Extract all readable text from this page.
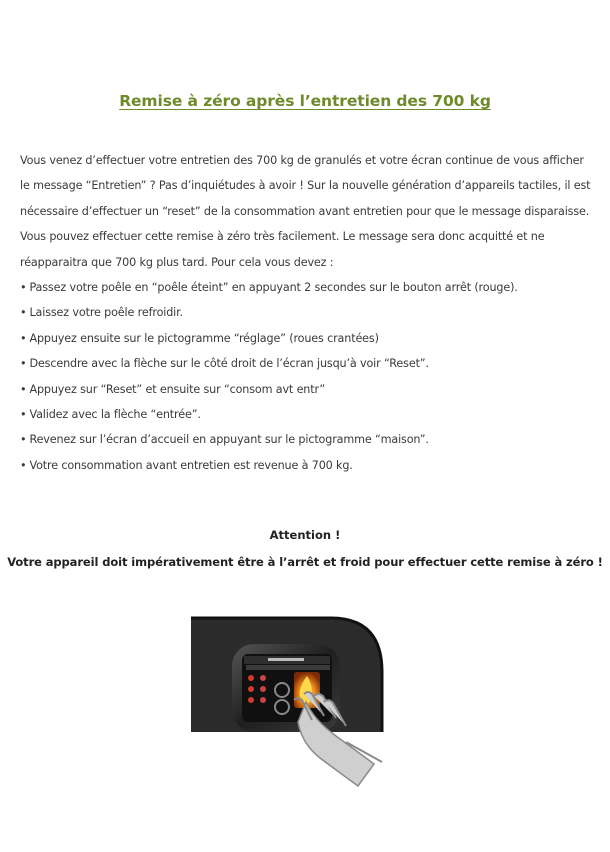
Remise à zéro après l’entretien des 700 kg

Vous venez d’effectuer votre entretien des 700 kg de granulés et votre écran continue de vous afficher le message “Entretien” ? Pas d’inquiétudes à avoir ! Sur la nouvelle génération d’appareils tactiles, il est nécessaire d’effectuer un “reset” de la consommation avant entretien pour que le message disparaisse.

Vous pouvez effectuer cette remise à zéro très facilement. Le message sera donc acquitté et ne réapparaitra que 700 kg plus tard. Pour cela vous devez :

• Passez votre poêle en “poêle éteint” en appuyant 2 secondes sur le bouton arrêt (rouge).
• Laissez votre poêle refroidir.
• Appuyez ensuite sur le pictogramme “réglage” (roues crantées)
• Descendre avec la flèche sur le côté droit de l’écran jusqu’à voir “Reset”.
• Appuyez sur “Reset” et ensuite sur “consom avt entr”
• Validez avec la flèche “entrée”.
• Revenez sur l’écran d’accueil en appuyant sur le pictogramme “maison”.
• Votre consommation avant entretien est revenue à 700 kg.
Attention !
Votre appareil doit impérativement être à l’arrêt et froid pour effectuer cette remise à zéro !
